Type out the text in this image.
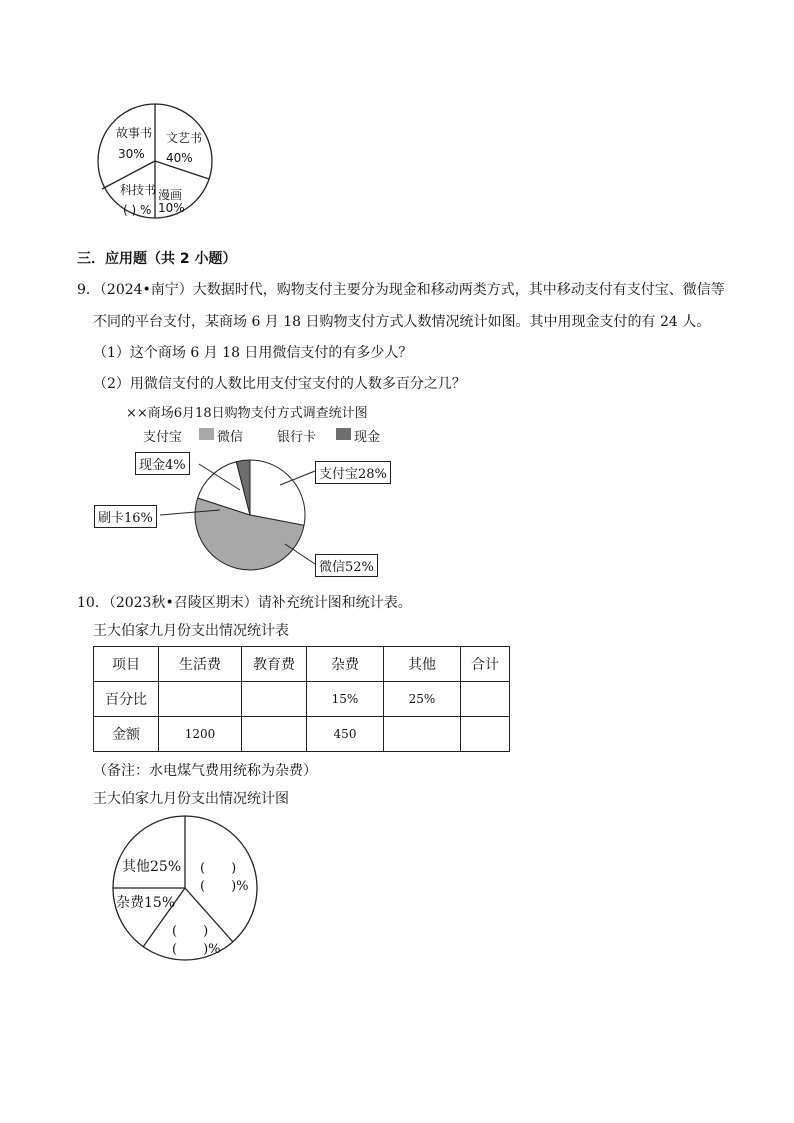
故事书
30%
文艺书
40%
科技书
( ) %
漫画
10%
三．应用题（共 2 小题）
9．（2024•南宁）大数据时代，购物支付主要分为现金和移动两类方式，其中移动支付有支付宝、微信等
不同的平台支付，某商场 6 月 18 日购物支付方式人数情况统计如图。其中用现金支付的有 24 人。
（1）这个商场 6 月 18 日用微信支付的有多少人？
（2）用微信支付的人数比用支付宝支付的人数多百分之几？
××商场6月18日购物支付方式调查统计图
支付宝	微信	银行卡	现金
现金4%
刷卡16%
支付宝28%
微信52%
10．（2023秋•召陵区期末）请补充统计图和统计表。
王大伯家九月份支出情况统计表
项目	生活费	教育费	杂费	其他	合计
百分比			15%	25%	
金额	1200		450		
（备注：水电煤气费用统称为杂费）
王大伯家九月份支出情况统计图
其他25%
杂费15%
(　　)
(　　)%
(　　)
(　　)%
